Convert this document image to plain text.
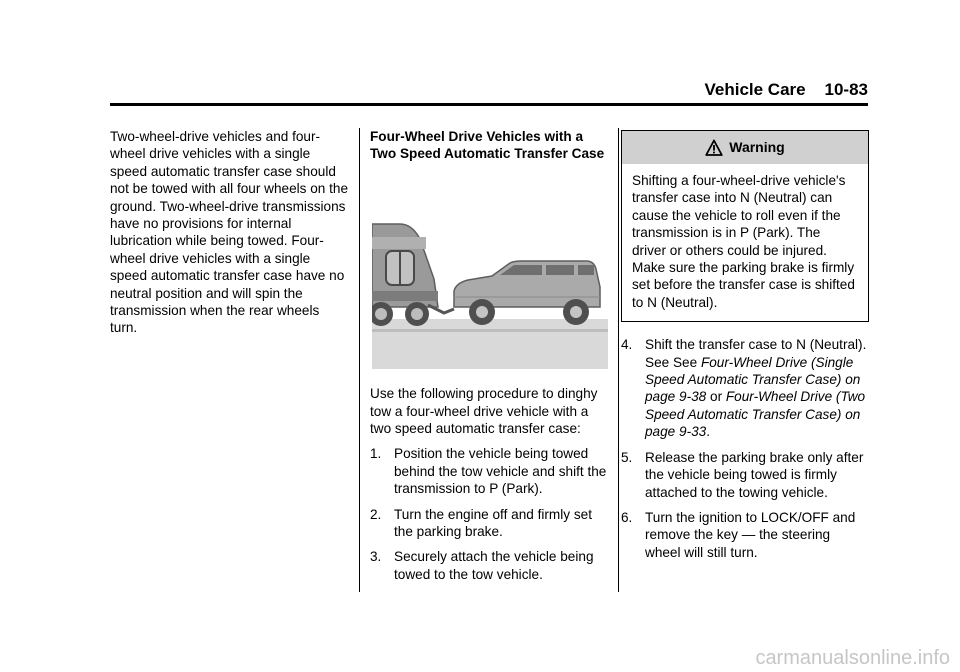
Vehicle Care 10-83

Two-wheel-drive vehicles and four-wheel drive vehicles with a single speed automatic transfer case should not be towed with all four wheels on the ground. Two-wheel-drive transmissions have no provisions for internal lubrication while being towed. Four-wheel drive vehicles with a single speed automatic transfer case have no neutral position and will spin the transmission when the rear wheels turn.

Four-Wheel Drive Vehicles with a Two Speed Automatic Transfer Case

Use the following procedure to dinghy tow a four-wheel drive vehicle with a two speed automatic transfer case:

1. Position the vehicle being towed behind the tow vehicle and shift the transmission to P (Park).
2. Turn the engine off and firmly set the parking brake.
3. Securely attach the vehicle being towed to the tow vehicle.
Warning
Shifting a four-wheel-drive vehicle's transfer case into N (Neutral) can cause the vehicle to roll even if the transmission is in P (Park). The driver or others could be injured. Make sure the parking brake is firmly set before the transfer case is shifted to N (Neutral).
4. Shift the transfer case to N (Neutral). See See Four-Wheel Drive (Single Speed Automatic Transfer Case) on page 9-38 or Four-Wheel Drive (Two Speed Automatic Transfer Case) on page 9-33.
5. Release the parking brake only after the vehicle being towed is firmly attached to the towing vehicle.
6. Turn the ignition to LOCK/OFF and remove the key — the steering wheel will still turn.
carmanualsonline.info
